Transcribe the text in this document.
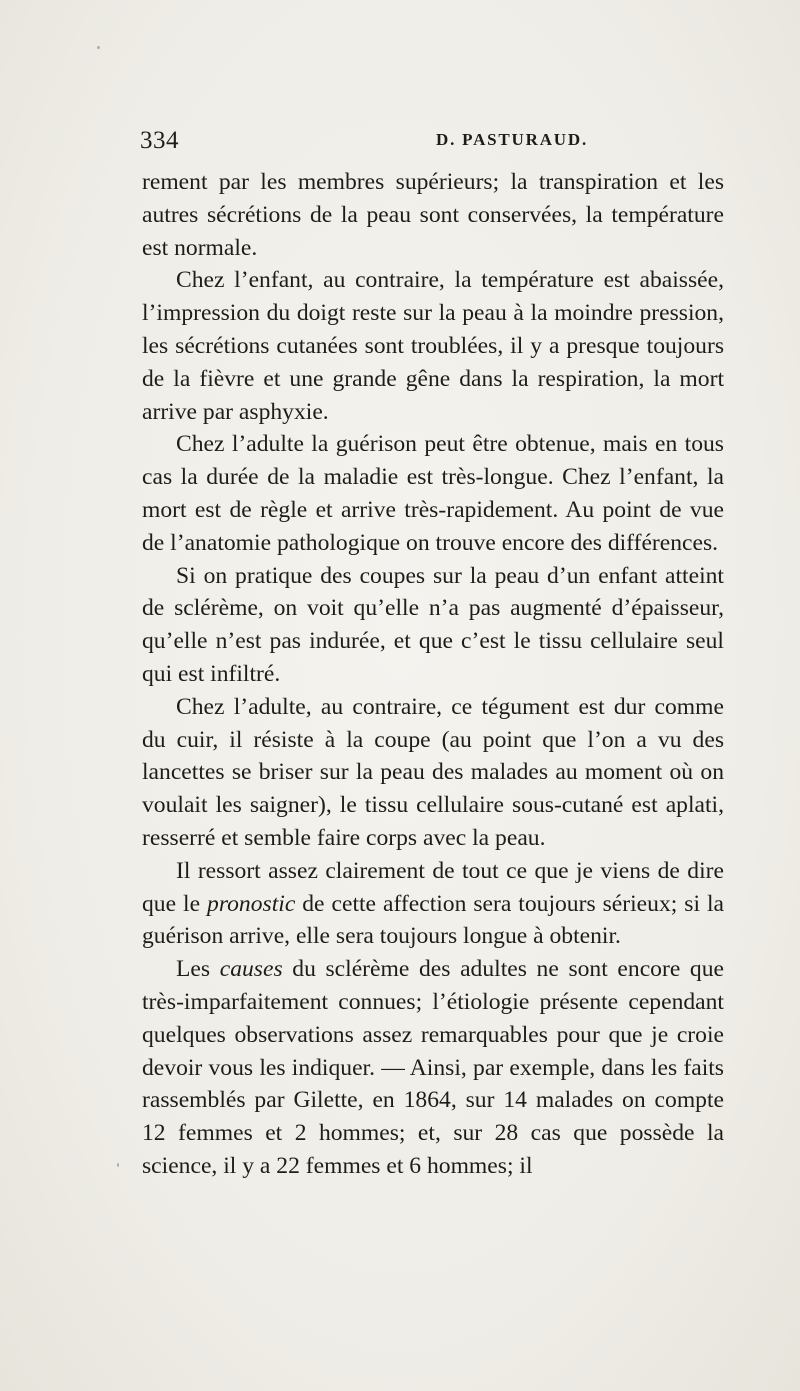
334	D. PASTURAUD.

rement par les membres supérieurs; la transpiration et les autres sécrétions de la peau sont conservées, la température est normale.

Chez l’enfant, au contraire, la température est abaissée, l’impression du doigt reste sur la peau à la moindre pression, les sécrétions cutanées sont troublées, il y a presque toujours de la fièvre et une grande gêne dans la respiration, la mort arrive par asphyxie.

Chez l’adulte la guérison peut être obtenue, mais en tous cas la durée de la maladie est très-longue. Chez l’enfant, la mort est de règle et arrive très-rapidement. Au point de vue de l’anatomie pathologique on trouve encore des différences.

Si on pratique des coupes sur la peau d’un enfant atteint de sclérème, on voit qu’elle n’a pas augmenté d’épaisseur, qu’elle n’est pas indurée, et que c’est le tissu cellulaire seul qui est infiltré.

Chez l’adulte, au contraire, ce tégument est dur comme du cuir, il résiste à la coupe (au point que l’on a vu des lancettes se briser sur la peau des malades au moment où on voulait les saigner), le tissu cellulaire sous-cutané est aplati, resserré et semble faire corps avec la peau.

Il ressort assez clairement de tout ce que je viens de dire que le pronostic de cette affection sera toujours sérieux; si la guérison arrive, elle sera toujours longue à obtenir.

Les causes du sclérème des adultes ne sont encore que très-imparfaitement connues; l’étiologie présente cependant quelques observations assez remarquables pour que je croie devoir vous les indiquer. — Ainsi, par exemple, dans les faits rassemblés par Gilette, en 1864, sur 14 malades on compte 12 femmes et 2 hommes; et, sur 28 cas que possède la science, il y a 22 femmes et 6 hommes; il
